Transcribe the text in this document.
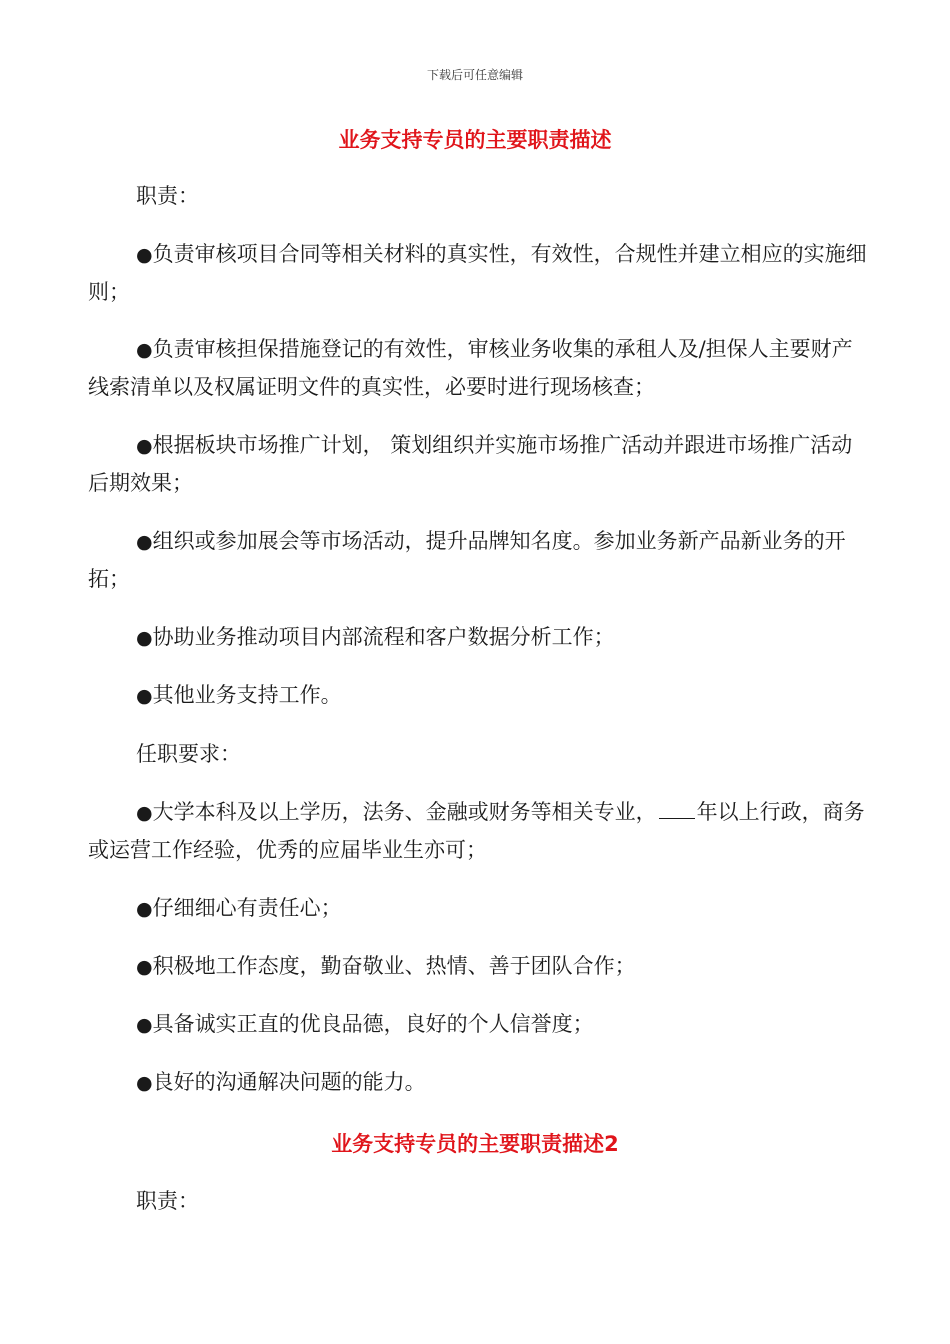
下载后可任意编辑
业务支持专员的主要职责描述
职责：
●负责审核项目合同等相关材料的真实性，有效性，合规性并建立相应的实施细则；
●负责审核担保措施登记的有效性，审核业务收集的承租人及/担保人主要财产线索清单以及权属证明文件的真实性，必要时进行现场核查；
●根据板块市场推广计划， 策划组织并实施市场推广活动并跟进市场推广活动后期效果；
●组织或参加展会等市场活动，提升品牌知名度。参加业务新产品新业务的开拓；
●协助业务推动项目内部流程和客户数据分析工作；
●其他业务支持工作。
任职要求：
●大学本科及以上学历，法务、金融或财务等相关专业， 年以上行政，商务或运营工作经验，优秀的应届毕业生亦可；
●仔细细心有责任心；
●积极地工作态度，勤奋敬业、热情、善于团队合作；
●具备诚实正直的优良品德，良好的个人信誉度；
●良好的沟通解决问题的能力。
业务支持专员的主要职责描述2
职责：
